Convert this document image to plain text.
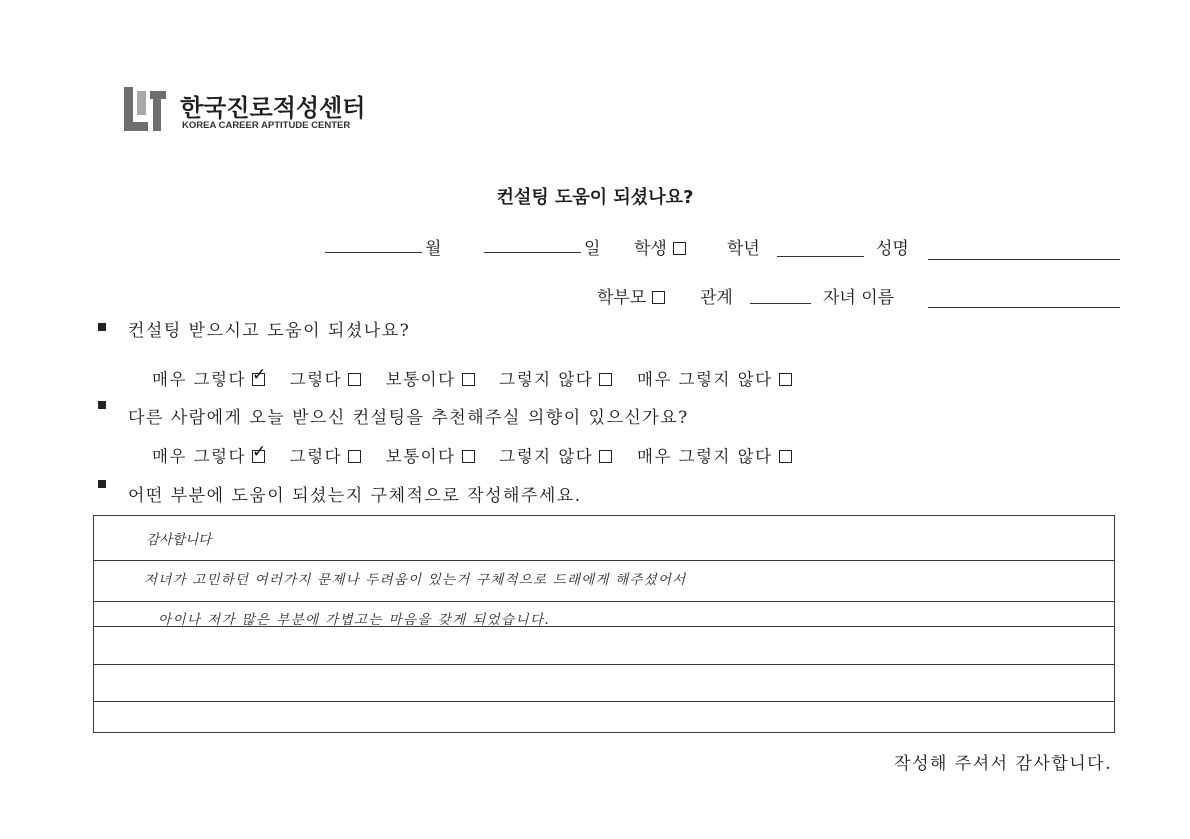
한국진로적성센터
KOREA CAREER APTITUDE CENTER
컨설팅 도움이 되셨나요?
월	일 학생	학년	성명
학부모	관계	자녀 이름
컨설팅 받으시고 도움이 되셨나요?
매우 그렇다 ✓ 그렇다	보통이다	그렇지 않다	매우 그렇지 않다
다른 사람에게 오늘 받으신 컨설팅을 추천해주실 의향이 있으신가요?
매우 그렇다 ✓ 그렇다	보통이다	그렇지 않다	매우 그렇지 않다
어떤 부분에 도움이 되셨는지 구체적으로 작성해주세요.
감사합니다
저녀가 고민하던 여러가지 문제나 두려움이 있는거 구체적으로 드래에게 해주셨어서
아이나 저가 많은 부분에 가볍고는 마음을 갖게 되었습니다.
작성해 주셔서 감사합니다.
